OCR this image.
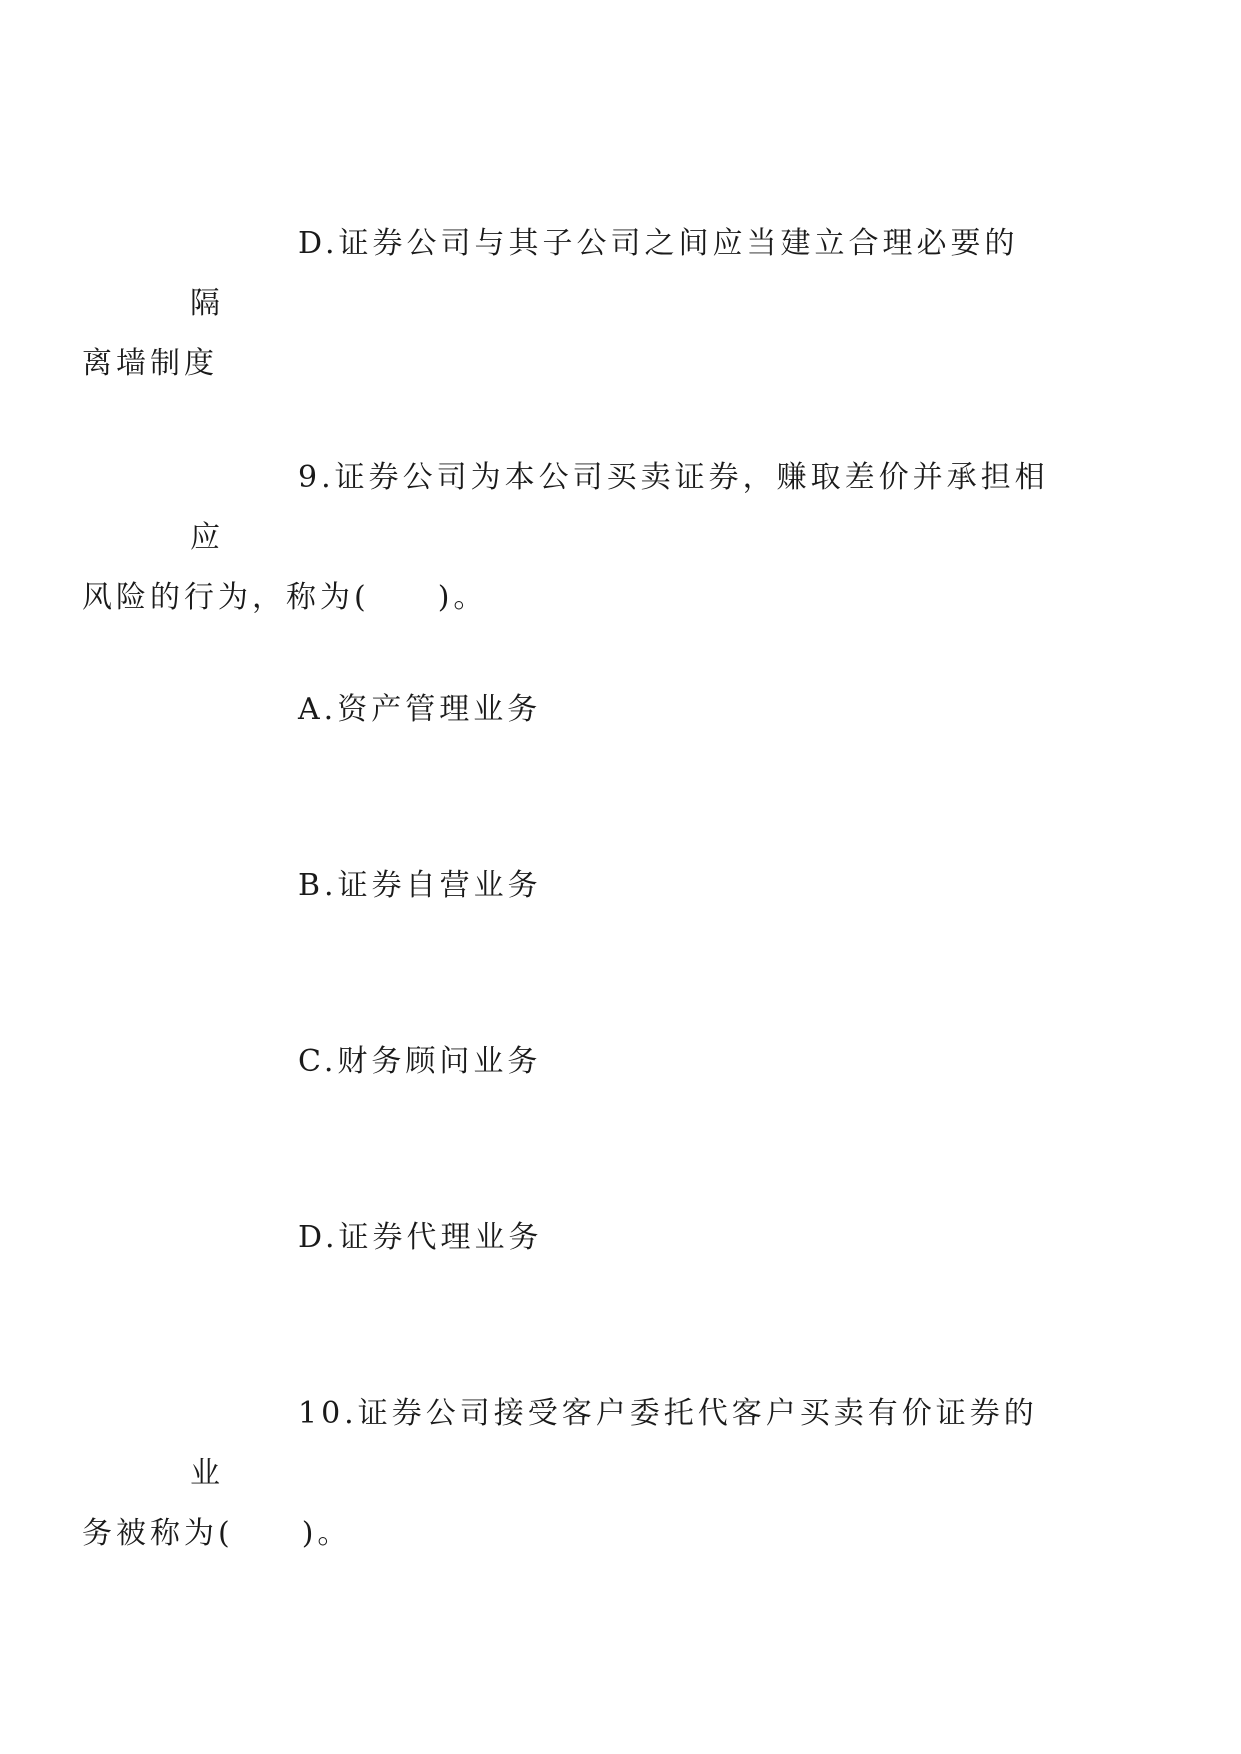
D.证券公司与其子公司之间应当建立合理必要的隔
离墙制度

9.证券公司为本公司买卖证券，赚取差价并承担相应
风险的行为，称为(　　)。

A.资产管理业务

B.证券自营业务

C.财务顾问业务

D.证券代理业务

10.证券公司接受客户委托代客户买卖有价证券的业
务被称为(　　)。
